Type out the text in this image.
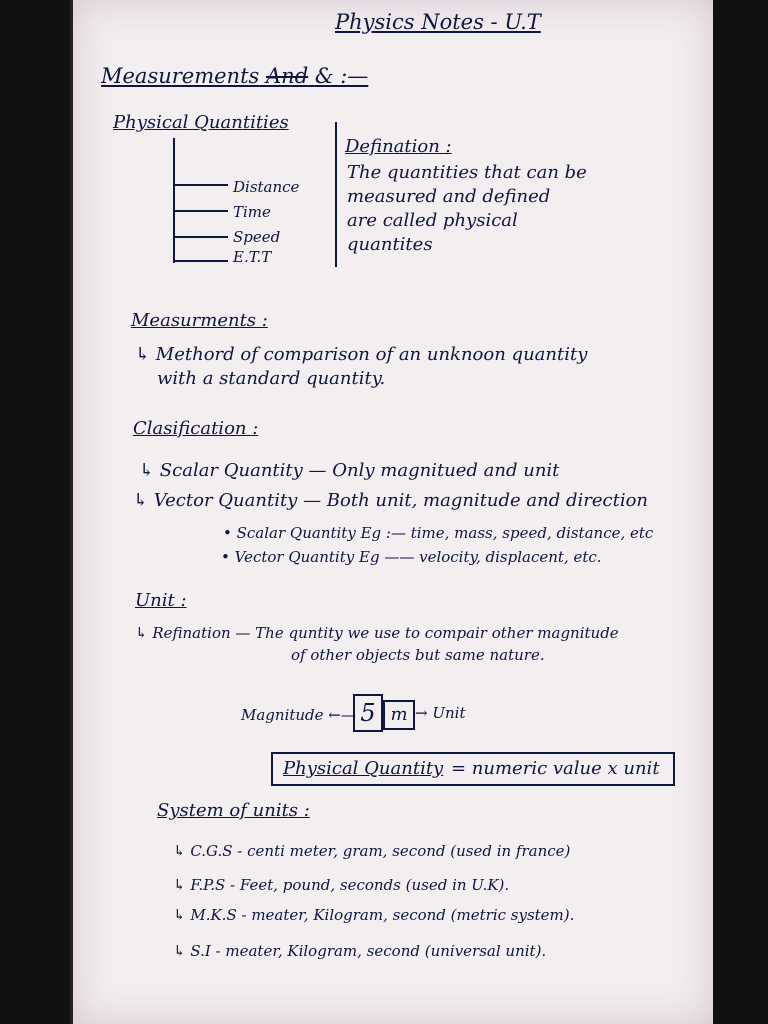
Physics Notes - U.T
Measurements And & :—
Physical Quantities
Distance
Time
Speed
E.T.T
Defination :
The quantities that can be
measured and defined
are called physical
quantites
Measurments :
↳ Methord of comparison of an unknoon quantity
with a standard quantity.
Clasification :
↳ Scalar Quantity — Only magnitued and unit
↳ Vector Quantity — Both unit, magnitude and direction
• Scalar Quantity Eg :— time, mass, speed, distance, etc
• Vector Quantity Eg —— velocity, displacent, etc.
Unit :
↳ Refination — The quntity we use to compair other magnitude
of other objects but same nature.
Magnitude ←— 5 m → Unit
Physical Quantity = numeric value x unit
System of units :
↳ C.G.S - centi meter, gram, second (used in france)
↳ F.P.S - Feet, pound, seconds (used in U.K).
↳ M.K.S - meater, Kilogram, second (metric system).
↳ S.I - meater, Kilogram, second (universal unit).
